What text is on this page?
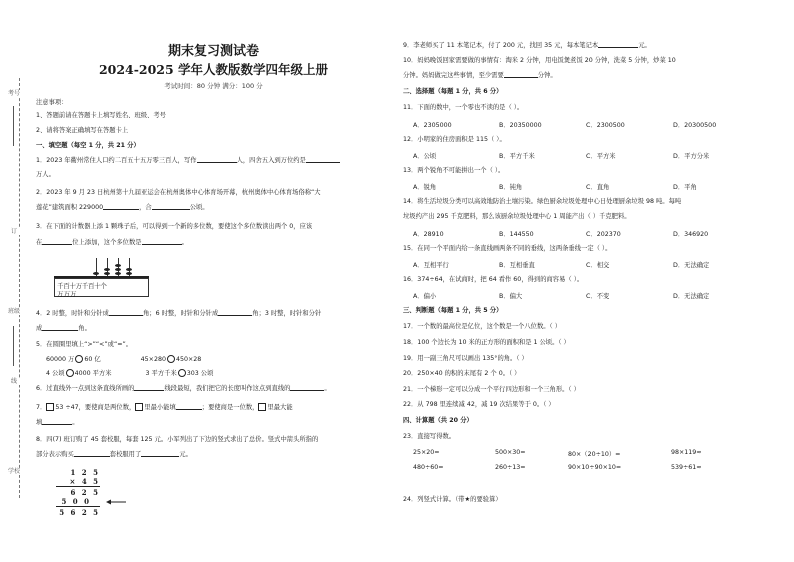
考号
订
班级
线
学校
期末复习测试卷
2024-2025 学年人教版数学四年级上册
考试时间：80 分钟 满分：100 分
注意事项：
1、答题前请在答题卡上填写姓名、班级、考号
2、请将答案正确填写在答题卡上
一、填空题（每空 1 分，共 21 分）
1．2023 年衢州常住人口约二百五十五万零三百人，写作	人，四舍五入到万位约是
万人。
2．2023 年 9 月 23 日杭州第十九届亚运会在杭州奥体中心体育场开幕，杭州奥体中心体育场俗称“大
莲花”建筑面积 229000	，合	公顷。
3．在下面的计数器上添 1 颗珠子后，可以得到一个新的多位数，要使这个多位数读出两个 0，应该
在	位上添加，这个多位数是	。
千百十万千百十个
万万万
4．2 时整，时针和分针成	角；6 时整，时针和分针成	角；3 时整，时针和分针
成	角。
5．在圆圈里填上“>”“<”或“=”。
60000 万 60 亿	45×280 450×28
4 公顷 4000 平方米	3 平方千米 303 公顷
6．过直线外一点到这条直线所画的	线段最短，我们把它的长度叫作这点到直线的	。
7． 53 ÷47，要使商是两位数， 里最小能填	；要使商是一位数， 里最大能
填	。
8．四(7) 班订购了 45 套校服，每套 125 元。小军列出了下边的竖式求出了总价。竖式中箭头所指的
部分表示购买	套校服用了	元。
1 2 5
× 4 5
6 2 5
5 0 0
5 6 2 5
9．李老师买了 11 本笔记本，付了 200 元，找回 35 元，每本笔记本	元。
10．妈妈晚饭回家需要做的事情有：淘米 2 分钟，用电饭煲煮饭 20 分钟，洗菜 5 分钟，炒菜 10
分钟。妈妈做完这些事情，至少需要	分钟。
二、选择题（每题 1 分，共 6 分）
11．下面的数中，一个零也不读的是（ ）。
A．2305000	B．20350000	C．2300500	D．20300500
12．小明家的住房面积是 115（ ）。
A．公顷	B．平方千米	C．平方米	D．平方分米
13．两个锐角不可能拼出一个（ ）。
A．锐角	B．钝角	C．直角	D．平角
14．将生活垃圾分类可以高效地防治土壤污染。绿色厨余垃圾处理中心日处理厨余垃圾 98 吨。每吨
垃圾约产出 295 千克肥料，那么该厨余垃圾处理中心 1 周能产出（ ）千克肥料。
A．28910	B．144550	C．202370	D．346920
15．在同一个平面内给一条直线画两条不同的垂线，这两条垂线一定（ ）。
A．互相平行	B．互相垂直	C．相交	D．无法确定
16．374÷64，在试商时，把 64 看作 60，得到的商容易（ ）。
A．偏小	B．偏大	C．不变	D．无法确定
三、判断题（每题 1 分，共 5 分）
17．一个数的最高位是亿位，这个数是一个八位数。（ ）
18．100 个边长为 10 米的正方形的面积和是 1 公顷。（ ）
19．用一副三角尺可以画出 135°的角。（ ）
20．250×40 的积的末尾有 2 个 0。（ ）
21．一个梯形一定可以分成一个平行四边形和一个三角形。（ ）
22．从 798 里连续减 42，减 19 次结果等于 0。（ ）
四、计算题（共 20 分）
23．直接写得数。
25×20=	500×30=	80×（20÷10）=	98×119≈
480÷60=	260÷13=	90×10÷90×10=	539÷61≈
24．列竖式计算。（带★的要验算）
